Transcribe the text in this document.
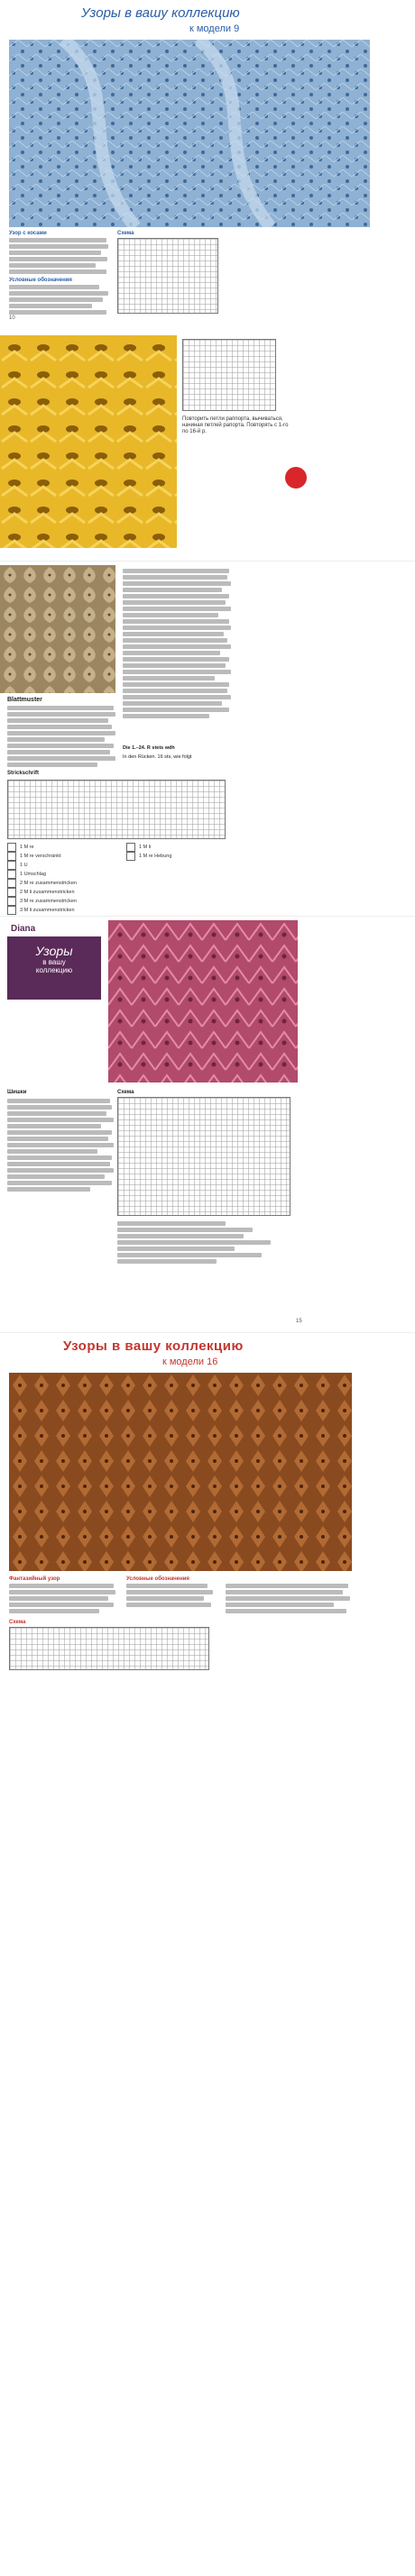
Узоры в вашу коллекцию
к модели 9
Узор с косами
Условные обозначения
10
Схема
Повторить петли раппорта, вычиваться, начиная петлей рапорта. Повторять с 1-го по 16-й р.
Blattmuster
Strickschrift
1 M re
1 M re verschränkt
1 U
1 Umschlag
2 M re zusammenstricken
2 M li zusammenstricken
3 M re zusammenstricken
3 M li zusammenstricken
1 M li
1 M re Hebung
Die 1.–24. R stets wdh
In den Rücken. 16 sts, wie folgt
Diana
Узоры
в вашу
коллекцию
Шишки	Схема
15
Узоры в вашу коллекцию
к модели 16
Фантазийный узор	Условные обозначения
Схема
